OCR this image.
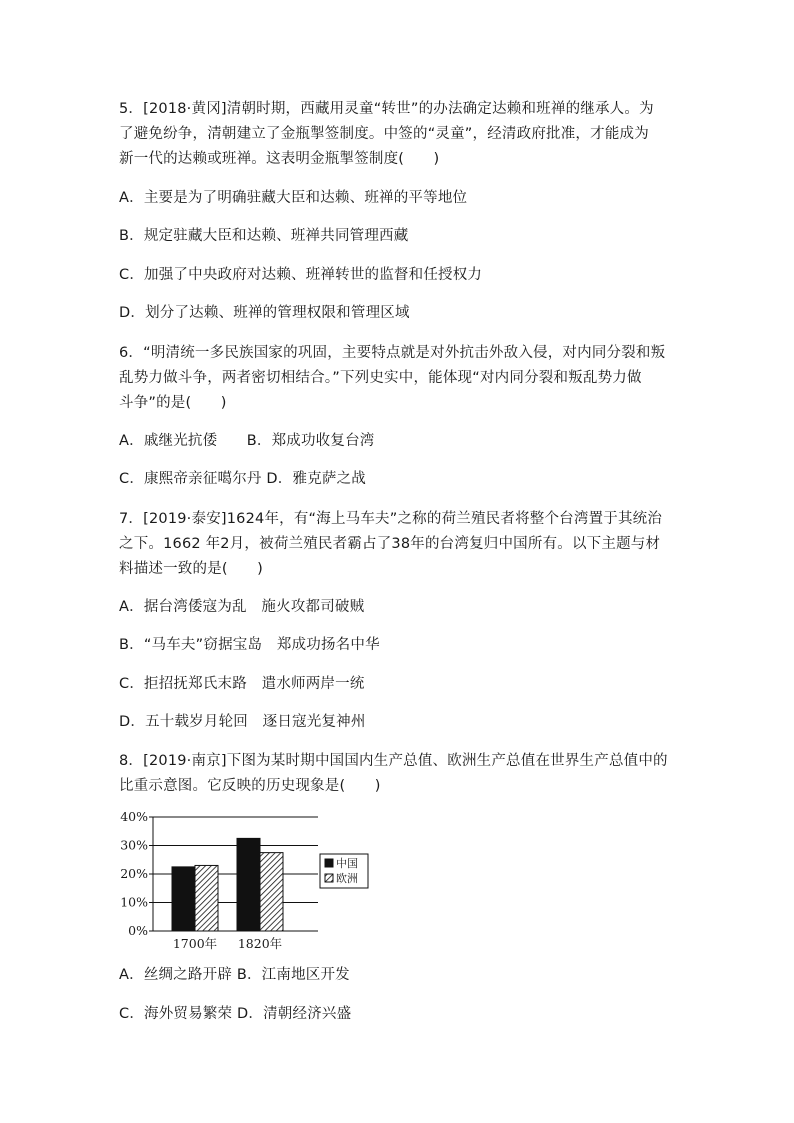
5．[2018·黄冈]清朝时期，西藏用灵童“转世”的办法确定达赖和班禅的继承人。为
了避免纷争，清朝建立了金瓶掣签制度。中签的“灵童”，经清政府批准，才能成为
新一代的达赖或班禅。这表明金瓶掣签制度(　　)
A．主要是为了明确驻藏大臣和达赖、班禅的平等地位
B．规定驻藏大臣和达赖、班禅共同管理西藏
C．加强了中央政府对达赖、班禅转世的监督和任授权力
D．划分了达赖、班禅的管理权限和管理区域
6．“明清统一多民族国家的巩固，主要特点就是对外抗击外敌入侵，对内同分裂和叛
乱势力做斗争，两者密切相结合。”下列史实中，能体现“对内同分裂和叛乱势力做
斗争”的是(　　)
A．戚继光抗倭　　B．郑成功收复台湾
C．康熙帝亲征噶尔丹 D．雅克萨之战
7．[2019·泰安]1624年，有“海上马车夫”之称的荷兰殖民者将整个台湾置于其统治
之下。1662 年2月，被荷兰殖民者霸占了38年的台湾复归中国所有。以下主题与材
料描述一致的是(　　)
A．据台湾倭寇为乱　施火攻都司破贼
B．“马车夫”窃据宝岛　郑成功扬名中华
C．拒招抚郑氏末路　遣水师两岸一统
D．五十载岁月轮回　逐日寇光复神州
8．[2019·南京]下图为某时期中国国内生产总值、欧洲生产总值在世界生产总值中的
比重示意图。它反映的历史现象是(　　)
0%
10%
20%
30%
40%
1700年 1820年
中国
欧洲
A．丝绸之路开辟 B．江南地区开发
C．海外贸易繁荣 D．清朝经济兴盛
